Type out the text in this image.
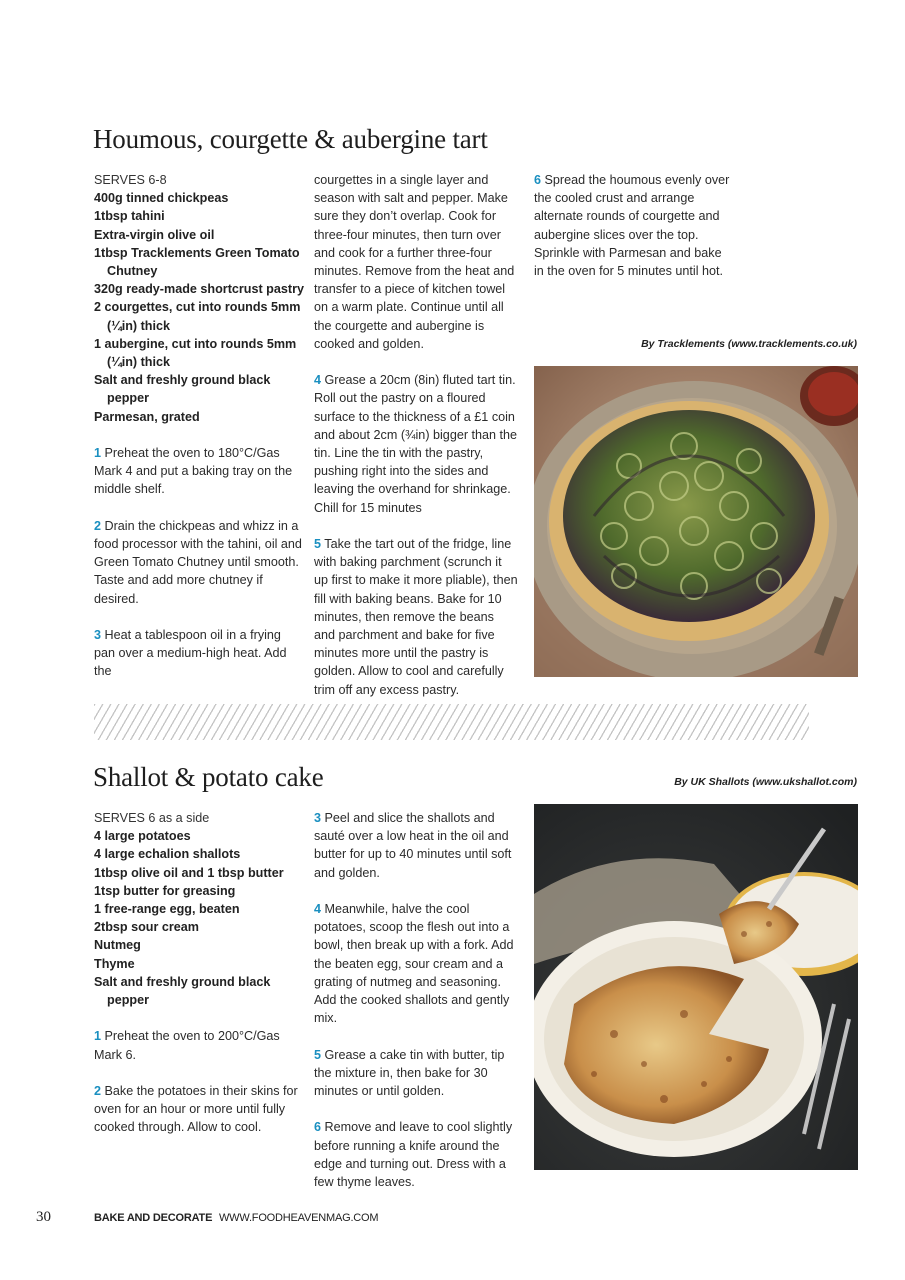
Houmous, courgette & aubergine tart

SERVES 6-8

400g tinned chickpeas
1tbsp tahini
Extra-virgin olive oil
1tbsp Tracklements Green Tomato Chutney
320g ready-made shortcrust pastry
2 courgettes, cut into rounds 5mm (¼in) thick
1 aubergine, cut into rounds 5mm (¼in) thick
Salt and freshly ground black pepper
Parmesan, grated

1 Preheat the oven to 180°C/Gas Mark 4 and put a baking tray on the middle shelf.

2 Drain the chickpeas and whizz in a food processor with the tahini, oil and Green Tomato Chutney until smooth. Taste and add more chutney if desired.

3 Heat a tablespoon oil in a frying pan over a medium-high heat. Add the

courgettes in a single layer and season with salt and pepper. Make sure they don’t overlap. Cook for three-four minutes, then turn over and cook for a further three-four minutes. Remove from the heat and transfer to a piece of kitchen towel on a warm plate. Continue until all the courgette and aubergine is cooked and golden.

4 Grease a 20cm (8in) fluted tart tin. Roll out the pastry on a floured surface to the thickness of a £1 coin and about 2cm (¾in) bigger than the tin. Line the tin with the pastry, pushing right into the sides and leaving the overhand for shrinkage. Chill for 15 minutes

5 Take the tart out of the fridge, line with baking parchment (scrunch it up first to make it more pliable), then fill with baking beans. Bake for 10 minutes, then remove the beans and parchment and bake for five minutes more until the pastry is golden. Allow to cool and carefully trim off any excess pastry.

6 Spread the houmous evenly over the cooled crust and arrange alternate rounds of courgette and aubergine slices over the top. Sprinkle with Parmesan and bake in the oven for 5 minutes until hot.

By Tracklements (www.tracklements.co.uk)
Shallot & potato cake	By UK Shallots (www.ukshallot.com)

SERVES 6 as a side

4 large potatoes
4 large echalion shallots
1tbsp olive oil and 1 tbsp butter
1tsp butter for greasing
1 free-range egg, beaten
2tbsp sour cream
Nutmeg
Thyme
Salt and freshly ground black pepper

1 Preheat the oven to 200°C/Gas Mark 6.

2 Bake the potatoes in their skins for oven for an hour or more until fully cooked through. Allow to cool.

3 Peel and slice the shallots and sauté over a low heat in the oil and butter for up to 40 minutes until soft and golden.

4 Meanwhile, halve the cool potatoes, scoop the flesh out into a bowl, then break up with a fork. Add the beaten egg, sour cream and a grating of nutmeg and seasoning. Add the cooked shallots and gently mix.

5 Grease a cake tin with butter, tip the mixture in, then bake for 30 minutes or until golden.

6 Remove and leave to cool slightly before running a knife around the edge and turning out. Dress with a few thyme leaves.

30	BAKE AND DECORATE WWW.FOODHEAVENMAG.COM
